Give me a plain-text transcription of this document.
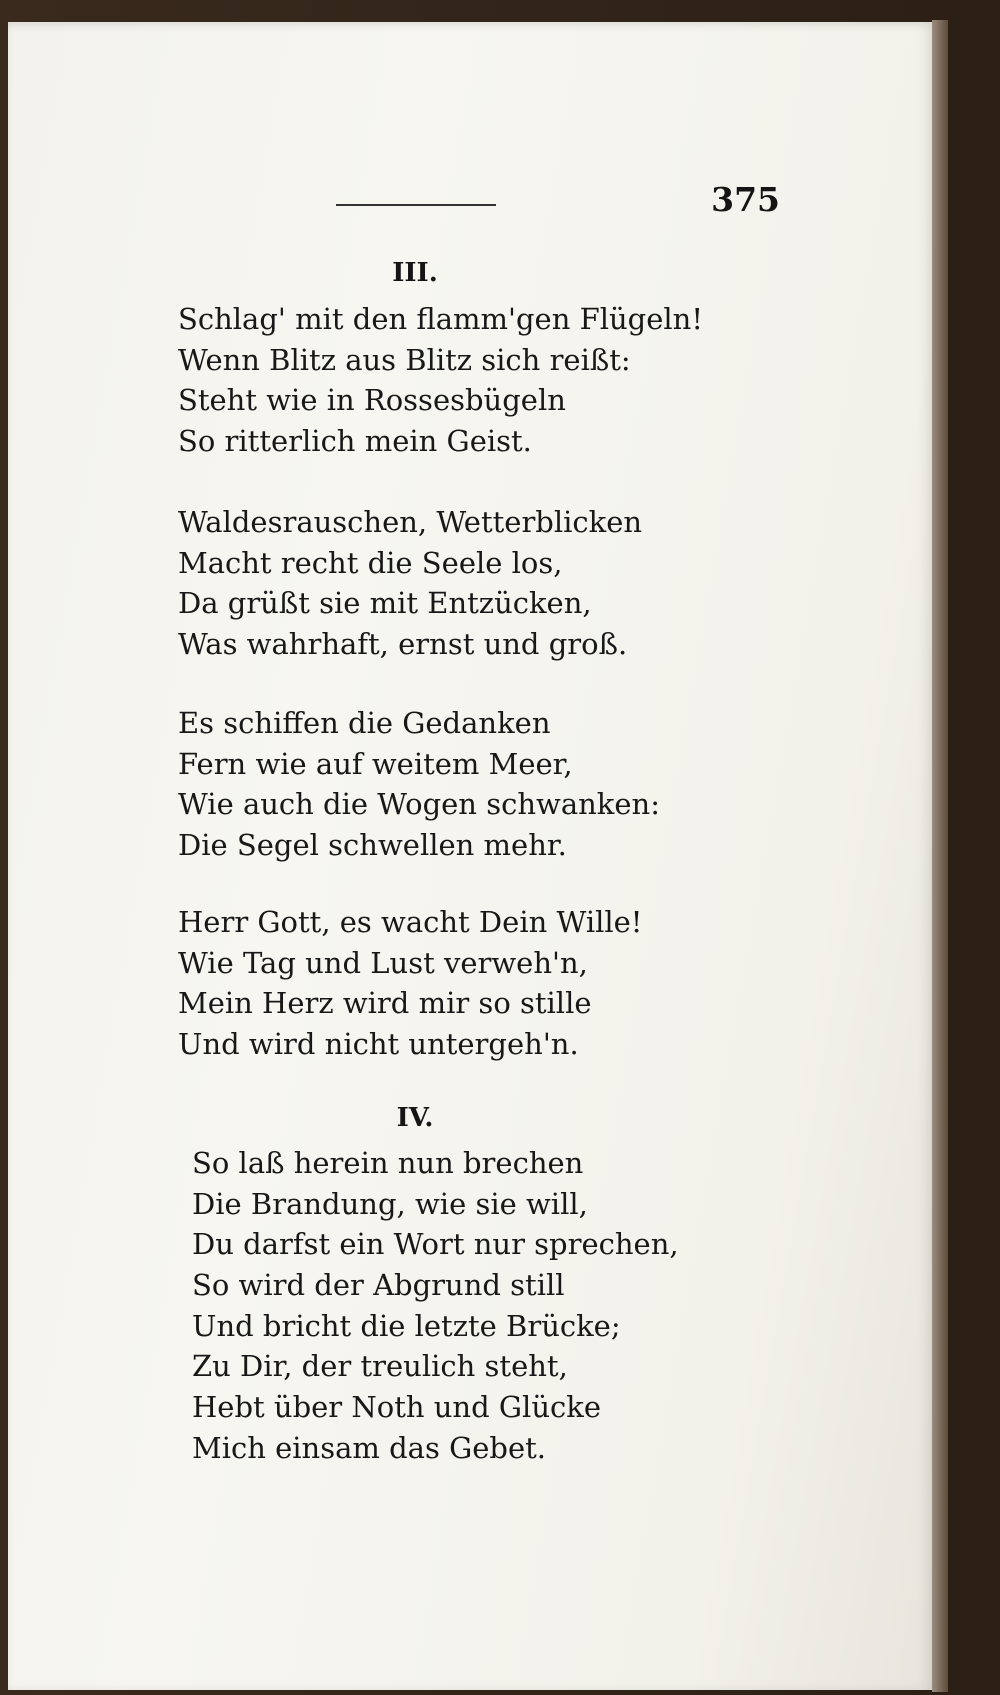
375
III.
Schlag' mit den flamm'gen Flügeln!
Wenn Blitz aus Blitz sich reißt:
Steht wie in Rossesbügeln
So ritterlich mein Geist.
Waldesrauschen, Wetterblicken
Macht recht die Seele los,
Da grüßt sie mit Entzücken,
Was wahrhaft, ernst und groß.
Es schiffen die Gedanken
Fern wie auf weitem Meer,
Wie auch die Wogen schwanken:
Die Segel schwellen mehr.
Herr Gott, es wacht Dein Wille!
Wie Tag und Lust verweh'n,
Mein Herz wird mir so stille
Und wird nicht untergeh'n.
IV.
So laß herein nun brechen
Die Brandung, wie sie will,
Du darfst ein Wort nur sprechen,
So wird der Abgrund still
Und bricht die letzte Brücke;
Zu Dir, der treulich steht,
Hebt über Noth und Glücke
Mich einsam das Gebet.
